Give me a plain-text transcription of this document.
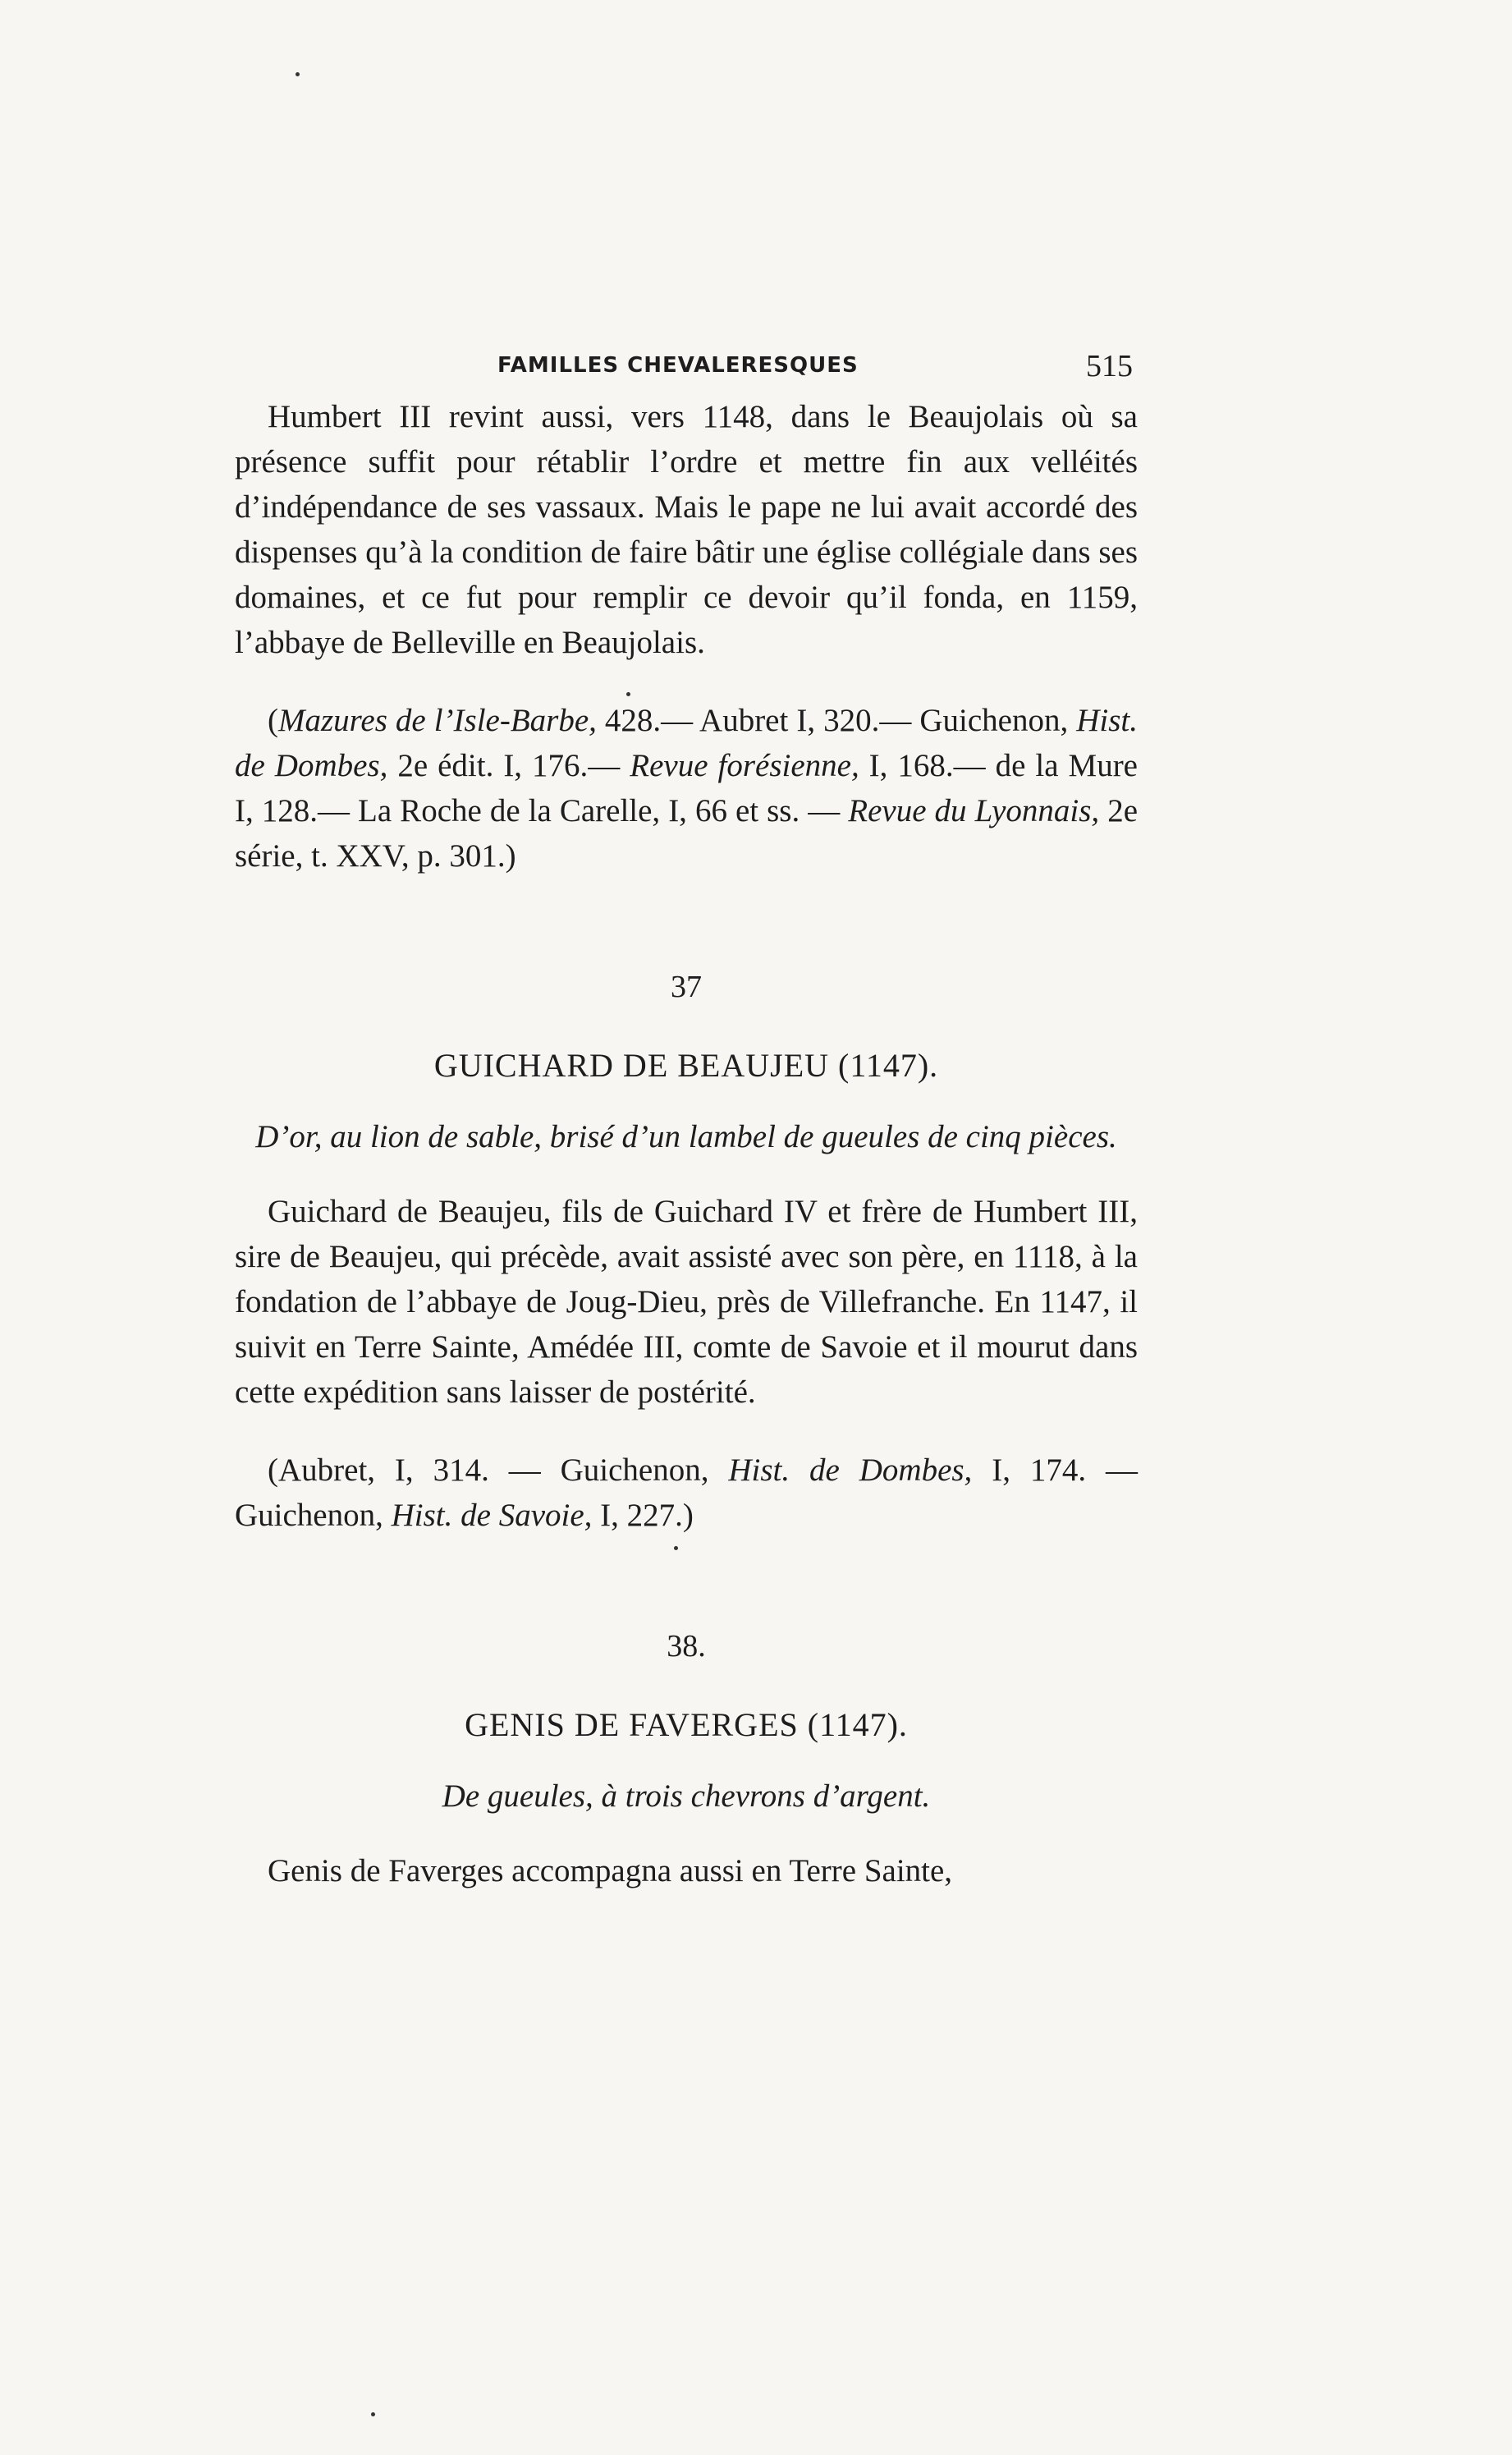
FAMILLES CHEVALERESQUES	515

Humbert III revint aussi, vers 1148, dans le Beaujolais où sa présence suffit pour rétablir l’ordre et mettre fin aux velléités d’indépendance de ses vassaux. Mais le pape ne lui avait accordé des dispenses qu’à la condition de faire bâtir une église collégiale dans ses domaines, et ce fut pour remplir ce devoir qu’il fonda, en 1159, l’abbaye de Belleville en Beaujolais.

(Mazures de l’Isle-Barbe, 428.— Aubret I, 320.— Guichenon, Hist. de Dombes, 2e édit. I, 176.— Revue forésienne, I, 168.— de la Mure I, 128.— La Roche de la Carelle, I, 66 et ss. — Revue du Lyonnais, 2e série, t. XXV, p. 301.)

37
GUICHARD DE BEAUJEU (1147).
D’or, au lion de sable, brisé d’un lambel de gueules de cinq pièces.

Guichard de Beaujeu, fils de Guichard IV et frère de Humbert III, sire de Beaujeu, qui précède, avait assisté avec son père, en 1118, à la fondation de l’abbaye de Joug-Dieu, près de Villefranche. En 1147, il suivit en Terre Sainte, Amédée III, comte de Savoie et il mourut dans cette expédition sans laisser de postérité.

(Aubret, I, 314. — Guichenon, Hist. de Dombes, I, 174. — Guichenon, Hist. de Savoie, I, 227.)

38.
GENIS DE FAVERGES (1147).
De gueules, à trois chevrons d’argent.

Genis de Faverges accompagna aussi en Terre Sainte,
